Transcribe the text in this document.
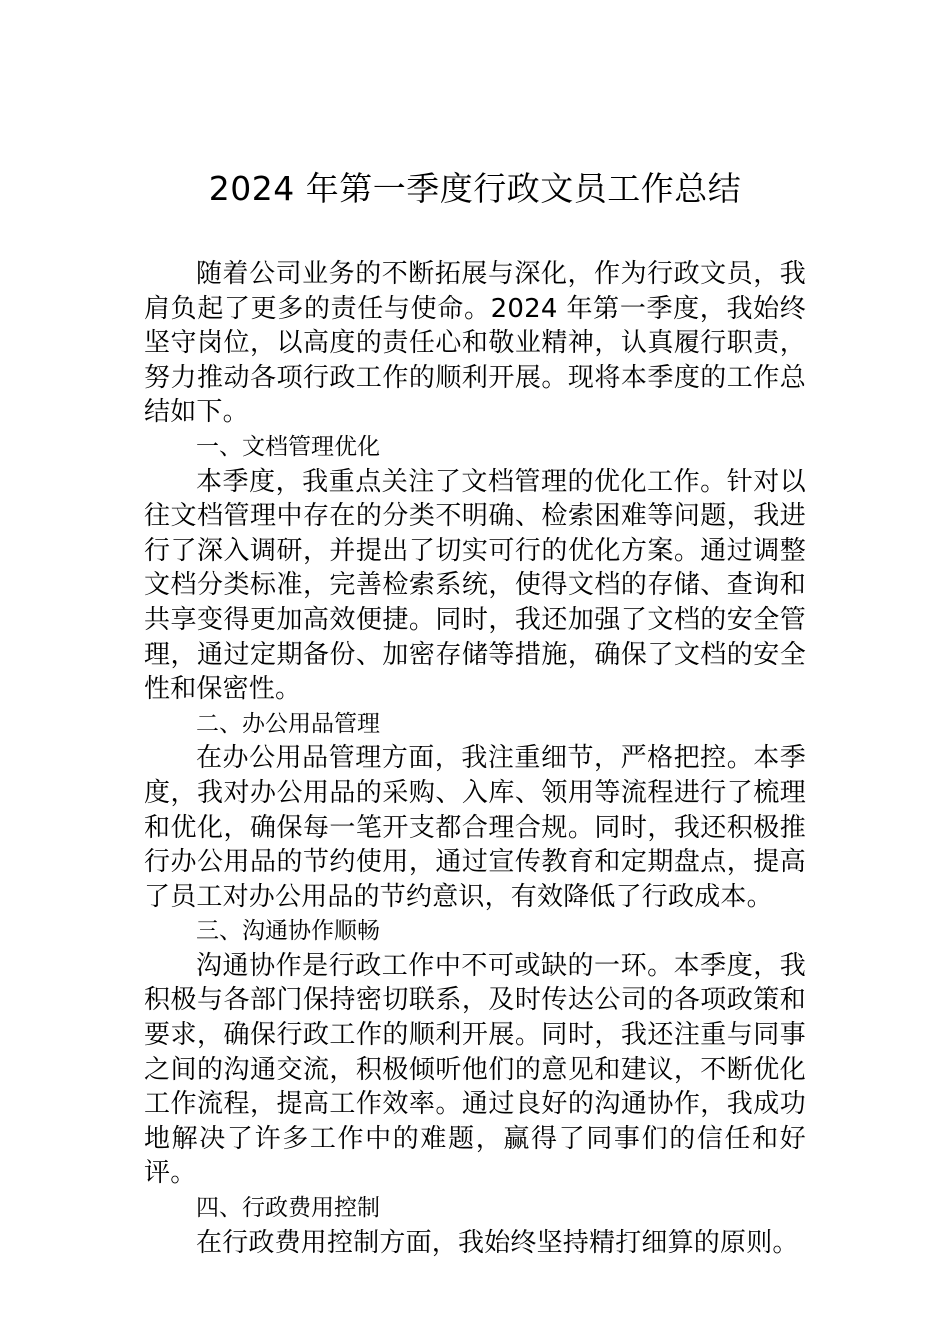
2024 年第一季度行政文员工作总结

随着公司业务的不断拓展与深化，作为行政文员，我肩负起了更多的责任与使命。2024 年第一季度，我始终坚守岗位，以高度的责任心和敬业精神，认真履行职责，努力推动各项行政工作的顺利开展。现将本季度的工作总结如下。

一、文档管理优化

本季度，我重点关注了文档管理的优化工作。针对以往文档管理中存在的分类不明确、检索困难等问题，我进行了深入调研，并提出了切实可行的优化方案。通过调整文档分类标准，完善检索系统，使得文档的存储、查询和共享变得更加高效便捷。同时，我还加强了文档的安全管理，通过定期备份、加密存储等措施，确保了文档的安全性和保密性。

二、办公用品管理

在办公用品管理方面，我注重细节，严格把控。本季度，我对办公用品的采购、入库、领用等流程进行了梳理和优化，确保每一笔开支都合理合规。同时，我还积极推行办公用品的节约使用，通过宣传教育和定期盘点，提高了员工对办公用品的节约意识，有效降低了行政成本。

三、沟通协作顺畅

沟通协作是行政工作中不可或缺的一环。本季度，我积极与各部门保持密切联系，及时传达公司的各项政策和要求，确保行政工作的顺利开展。同时，我还注重与同事之间的沟通交流，积极倾听他们的意见和建议，不断优化工作流程，提高工作效率。通过良好的沟通协作，我成功地解决了许多工作中的难题，赢得了同事们的信任和好评。

四、行政费用控制

在行政费用控制方面，我始终坚持精打细算的原则。
